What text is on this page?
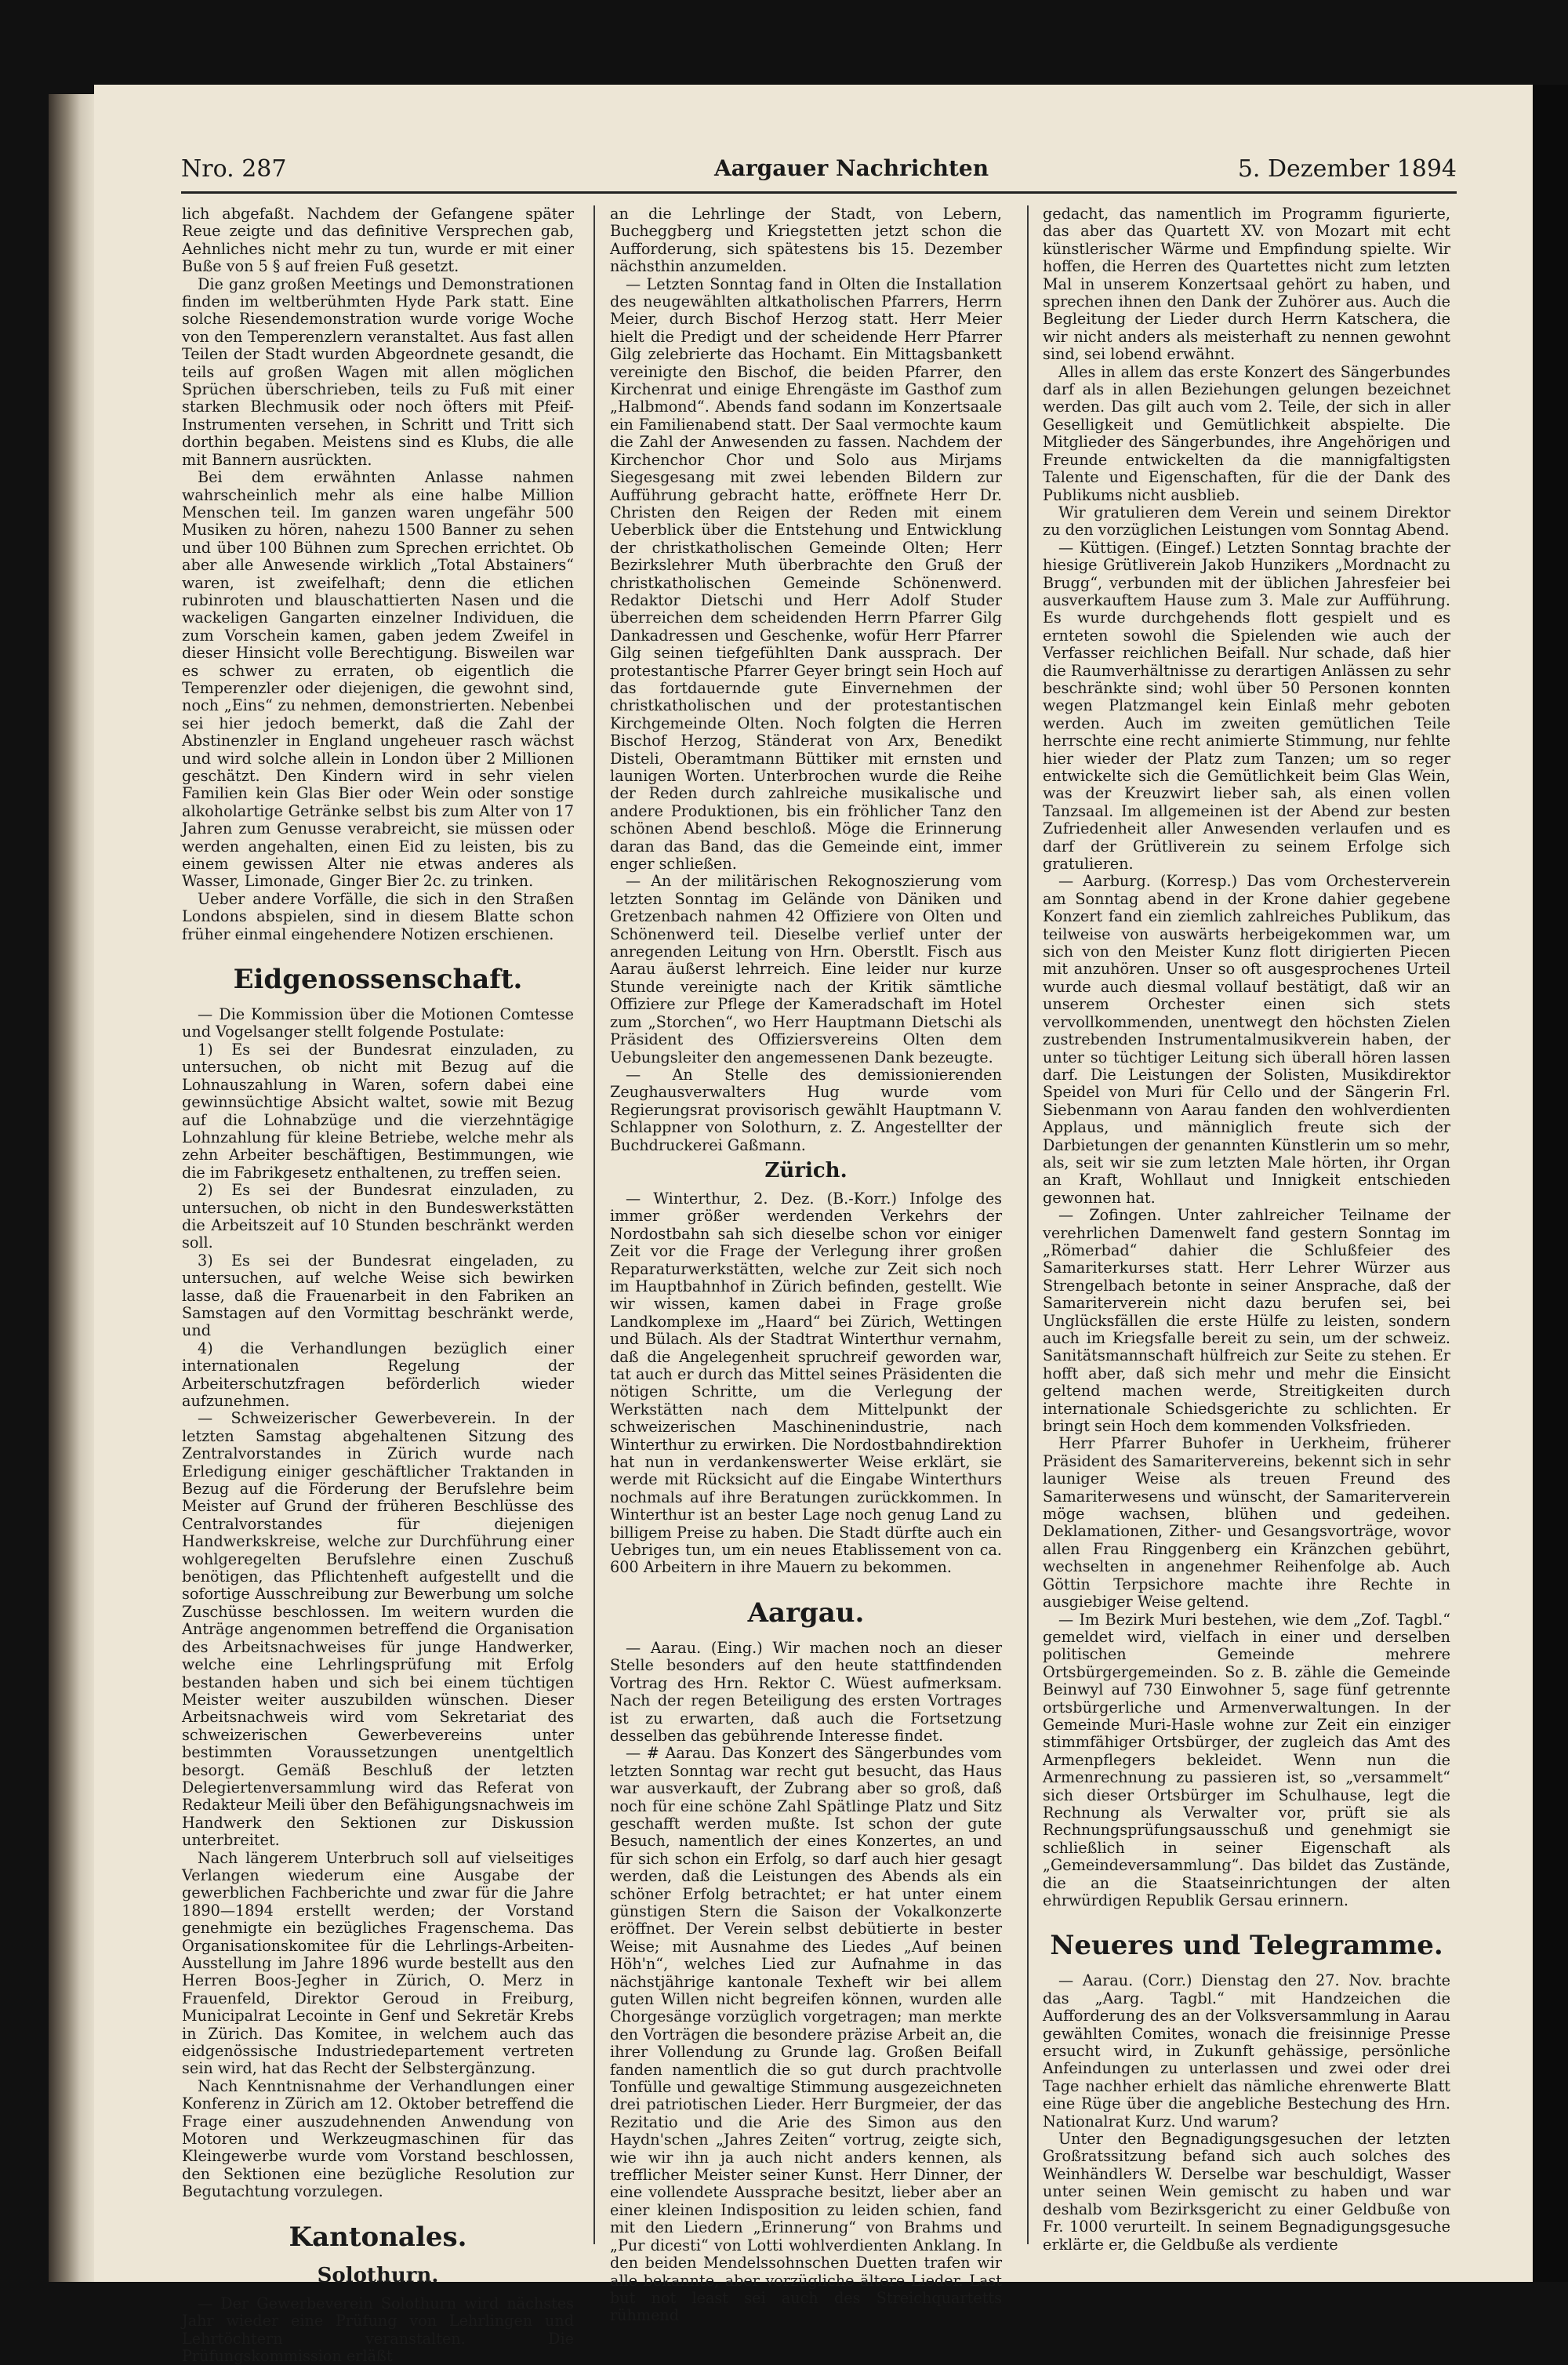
Nro. 287	Aargauer Nachrichten	5. Dezember 1894

lich abgefaßt. Nachdem der Gefangene später Reue zeigte und das definitive Versprechen gab, Aehnliches nicht mehr zu tun, wurde er mit einer Buße von 5 § auf freien Fuß gesetzt.

Die ganz großen Meetings und Demonstrationen finden im weltberühmten Hyde Park statt. Eine solche Riesendemonstration wurde vorige Woche von den Temperenzlern veranstaltet. Aus fast allen Teilen der Stadt wurden Abgeordnete gesandt, die teils auf großen Wagen mit allen möglichen Sprüchen überschrieben, teils zu Fuß mit einer starken Blechmusik oder noch öfters mit Pfeif-Instrumenten versehen, in Schritt und Tritt sich dorthin begaben. Meistens sind es Klubs, die alle mit Bannern ausrückten.

Bei dem erwähnten Anlasse nahmen wahrscheinlich mehr als eine halbe Million Menschen teil. Im ganzen waren ungefähr 500 Musiken zu hören, nahezu 1500 Banner zu sehen und über 100 Bühnen zum Sprechen errichtet. Ob aber alle Anwesende wirklich „Total Abstainers“ waren, ist zweifelhaft; denn die etlichen rubinroten und blauschattierten Nasen und die wackeligen Gangarten einzelner Individuen, die zum Vorschein kamen, gaben jedem Zweifel in dieser Hinsicht volle Berechtigung. Bisweilen war es schwer zu erraten, ob eigentlich die Temperenzler oder diejenigen, die gewohnt sind, noch „Eins“ zu nehmen, demonstrierten. Nebenbei sei hier jedoch bemerkt, daß die Zahl der Abstinenzler in England ungeheuer rasch wächst und wird solche allein in London über 2 Millionen geschätzt. Den Kindern wird in sehr vielen Familien kein Glas Bier oder Wein oder sonstige alkoholartige Getränke selbst bis zum Alter von 17 Jahren zum Genusse verabreicht, sie müssen oder werden angehalten, einen Eid zu leisten, bis zu einem gewissen Alter nie etwas anderes als Wasser, Limonade, Ginger Bier 2c. zu trinken.

Ueber andere Vorfälle, die sich in den Straßen Londons abspielen, sind in diesem Blatte schon früher einmal eingehendere Notizen erschienen.

Eidgenossenschaft.

— Die Kommission über die Motionen Comtesse und Vogelsanger stellt folgende Postulate:

1) Es sei der Bundesrat einzuladen, zu untersuchen, ob nicht mit Bezug auf die Lohnauszahlung in Waren, sofern dabei eine gewinnsüchtige Absicht waltet, sowie mit Bezug auf die Lohnabzüge und die vierzehntägige Lohnzahlung für kleine Betriebe, welche mehr als zehn Arbeiter beschäftigen, Bestimmungen, wie die im Fabrikgesetz enthaltenen, zu treffen seien.

2) Es sei der Bundesrat einzuladen, zu untersuchen, ob nicht in den Bundeswerkstätten die Arbeitszeit auf 10 Stunden beschränkt werden soll.

3) Es sei der Bundesrat eingeladen, zu untersuchen, auf welche Weise sich bewirken lasse, daß die Frauenarbeit in den Fabriken an Samstagen auf den Vormittag beschränkt werde, und

4) die Verhandlungen bezüglich einer internationalen Regelung der Arbeiterschutzfragen beförderlich wieder aufzunehmen.

— Schweizerischer Gewerbeverein. In der letzten Samstag abgehaltenen Sitzung des Zentralvorstandes in Zürich wurde nach Erledigung einiger geschäftlicher Traktanden in Bezug auf die Förderung der Berufslehre beim Meister auf Grund der früheren Beschlüsse des Centralvorstandes für diejenigen Handwerkskreise, welche zur Durchführung einer wohlgeregelten Berufslehre einen Zuschuß benötigen, das Pflichtenheft aufgestellt und die sofortige Ausschreibung zur Bewerbung um solche Zuschüsse beschlossen. Im weitern wurden die Anträge angenommen betreffend die Organisation des Arbeitsnachweises für junge Handwerker, welche eine Lehrlingsprüfung mit Erfolg bestanden haben und sich bei einem tüchtigen Meister weiter auszubilden wünschen. Dieser Arbeitsnachweis wird vom Sekretariat des schweizerischen Gewerbevereins unter bestimmten Voraussetzungen unentgeltlich besorgt. Gemäß Beschluß der letzten Delegiertenversammlung wird das Referat von Redakteur Meili über den Befähigungsnachweis im Handwerk den Sektionen zur Diskussion unterbreitet.

Nach längerem Unterbruch soll auf vielseitiges Verlangen wiederum eine Ausgabe der gewerblichen Fachberichte und zwar für die Jahre 1890—1894 erstellt werden; der Vorstand genehmigte ein bezügliches Fragenschema. Das Organisationskomitee für die Lehrlings-Arbeiten-Ausstellung im Jahre 1896 wurde bestellt aus den Herren Boos-Jegher in Zürich, O. Merz in Frauenfeld, Direktor Geroud in Freiburg, Municipalrat Lecointe in Genf und Sekretär Krebs in Zürich. Das Komitee, in welchem auch das eidgenössische Industriedepartement vertreten sein wird, hat das Recht der Selbstergänzung.

Nach Kenntnisnahme der Verhandlungen einer Konferenz in Zürich am 12. Oktober betreffend die Frage einer auszudehnenden Anwendung von Motoren und Werkzeugmaschinen für das Kleingewerbe wurde vom Vorstand beschlossen, den Sektionen eine bezügliche Resolution zur Begutachtung vorzulegen.

Kantonales.
Solothurn.

— Der Gewerbeverein Solothurn wird nächstes Jahr wieder eine Prüfung von Lehrlingen und Lehrtöchtern veranstalten. Die Prüfungskommission erläßt

an die Lehrlinge der Stadt, von Lebern, Bucheggberg und Kriegstetten jetzt schon die Aufforderung, sich spätestens bis 15. Dezember nächsthin anzumelden.

— Letzten Sonntag fand in Olten die Installation des neugewählten altkatholischen Pfarrers, Herrn Meier, durch Bischof Herzog statt. Herr Meier hielt die Predigt und der scheidende Herr Pfarrer Gilg zelebrierte das Hochamt. Ein Mittagsbankett vereinigte den Bischof, die beiden Pfarrer, den Kirchenrat und einige Ehrengäste im Gasthof zum „Halbmond“. Abends fand sodann im Konzertsaale ein Familienabend statt. Der Saal vermochte kaum die Zahl der Anwesenden zu fassen. Nachdem der Kirchenchor Chor und Solo aus Mirjams Siegesgesang mit zwei lebenden Bildern zur Aufführung gebracht hatte, eröffnete Herr Dr. Christen den Reigen der Reden mit einem Ueberblick über die Entstehung und Entwicklung der christkatholischen Gemeinde Olten; Herr Bezirkslehrer Muth überbrachte den Gruß der christkatholischen Gemeinde Schönenwerd. Redaktor Dietschi und Herr Adolf Studer überreichen dem scheidenden Herrn Pfarrer Gilg Dankadressen und Geschenke, wofür Herr Pfarrer Gilg seinen tiefgefühlten Dank aussprach. Der protestantische Pfarrer Geyer bringt sein Hoch auf das fortdauernde gute Einvernehmen der christkatholischen und der protestantischen Kirchgemeinde Olten. Noch folgten die Herren Bischof Herzog, Ständerat von Arx, Benedikt Disteli, Oberamtmann Büttiker mit ernsten und launigen Worten. Unterbrochen wurde die Reihe der Reden durch zahlreiche musikalische und andere Produktionen, bis ein fröhlicher Tanz den schönen Abend beschloß. Möge die Erinnerung daran das Band, das die Gemeinde eint, immer enger schließen.

— An der militärischen Rekognoszierung vom letzten Sonntag im Gelände von Däniken und Gretzenbach nahmen 42 Offiziere von Olten und Schönenwerd teil. Dieselbe verlief unter der anregenden Leitung von Hrn. Oberstlt. Fisch aus Aarau äußerst lehrreich. Eine leider nur kurze Stunde vereinigte nach der Kritik sämtliche Offiziere zur Pflege der Kameradschaft im Hotel zum „Storchen“, wo Herr Hauptmann Dietschi als Präsident des Offiziersvereins Olten dem Uebungsleiter den angemessenen Dank bezeugte.

— An Stelle des demissionierenden Zeughausverwalters Hug wurde vom Regierungsrat provisorisch gewählt Hauptmann V. Schlappner von Solothurn, z. Z. Angestellter der Buchdruckerei Gaßmann.

Zürich.

— Winterthur, 2. Dez. (B.-Korr.) Infolge des immer größer werdenden Verkehrs der Nordostbahn sah sich dieselbe schon vor einiger Zeit vor die Frage der Verlegung ihrer großen Reparaturwerkstätten, welche zur Zeit sich noch im Hauptbahnhof in Zürich befinden, gestellt. Wie wir wissen, kamen dabei in Frage große Landkomplexe im „Haard“ bei Zürich, Wettingen und Bülach. Als der Stadtrat Winterthur vernahm, daß die Angelegenheit spruchreif geworden war, tat auch er durch das Mittel seines Präsidenten die nötigen Schritte, um die Verlegung der Werkstätten nach dem Mittelpunkt der schweizerischen Maschinenindustrie, nach Winterthur zu erwirken. Die Nordostbahndirektion hat nun in verdankenswerter Weise erklärt, sie werde mit Rücksicht auf die Eingabe Winterthurs nochmals auf ihre Beratungen zurückkommen. In Winterthur ist an bester Lage noch genug Land zu billigem Preise zu haben. Die Stadt dürfte auch ein Uebriges tun, um ein neues Etablissement von ca. 600 Arbeitern in ihre Mauern zu bekommen.

Aargau.

— Aarau. (Eing.) Wir machen noch an dieser Stelle besonders auf den heute stattfindenden Vortrag des Hrn. Rektor C. Wüest aufmerksam. Nach der regen Beteiligung des ersten Vortrages ist zu erwarten, daß auch die Fortsetzung desselben das gebührende Interesse findet.

— # Aarau. Das Konzert des Sängerbundes vom letzten Sonntag war recht gut besucht, das Haus war ausverkauft, der Zubrang aber so groß, daß noch für eine schöne Zahl Spätlinge Platz und Sitz geschafft werden mußte. Ist schon der gute Besuch, namentlich der eines Konzertes, an und für sich schon ein Erfolg, so darf auch hier gesagt werden, daß die Leistungen des Abends als ein schöner Erfolg betrachtet; er hat unter einem günstigen Stern die Saison der Vokalkonzerte eröffnet. Der Verein selbst debütierte in bester Weise; mit Ausnahme des Liedes „Auf beinen Höh'n“, welches Lied zur Aufnahme in das nächstjährige kantonale Texheft wir bei allem guten Willen nicht begreifen können, wurden alle Chorgesänge vorzüglich vorgetragen; man merkte den Vorträgen die besondere präzise Arbeit an, die ihrer Vollendung zu Grunde lag. Großen Beifall fanden namentlich die so gut durch prachtvolle Tonfülle und gewaltige Stimmung ausgezeichneten drei patriotischen Lieder. Herr Burgmeier, der das Rezitatio und die Arie des Simon aus den Haydn'schen „Jahres Zeiten“ vortrug, zeigte sich, wie wir ihn ja auch nicht anders kennen, als trefflicher Meister seiner Kunst. Herr Dinner, der eine vollendete Aussprache besitzt, lieber aber an einer kleinen Indisposition zu leiden schien, fand mit den Liedern „Erinnerung“ von Brahms und „Pur dicesti“ von Lotti wohlverdienten Anklang. In den beiden Mendelssohnschen Duetten trafen wir alle bekannte, aber vorzügliche ältere Lieder. Last but not least sei auch des Streichquartetts rühmend

gedacht, das namentlich im Programm figurierte, das aber das Quartett XV. von Mozart mit echt künstlerischer Wärme und Empfindung spielte. Wir hoffen, die Herren des Quartettes nicht zum letzten Mal in unserem Konzertsaal gehört zu haben, und sprechen ihnen den Dank der Zuhörer aus. Auch die Begleitung der Lieder durch Herrn Katschera, die wir nicht anders als meisterhaft zu nennen gewohnt sind, sei lobend erwähnt.

Alles in allem das erste Konzert des Sängerbundes darf als in allen Beziehungen gelungen bezeichnet werden. Das gilt auch vom 2. Teile, der sich in aller Geselligkeit und Gemütlichkeit abspielte. Die Mitglieder des Sängerbundes, ihre Angehörigen und Freunde entwickelten da die mannigfaltigsten Talente und Eigenschaften, für die der Dank des Publikums nicht ausblieb.

Wir gratulieren dem Verein und seinem Direktor zu den vorzüglichen Leistungen vom Sonntag Abend.

— Küttigen. (Eingef.) Letzten Sonntag brachte der hiesige Grütliverein Jakob Hunzikers „Mordnacht zu Brugg“, verbunden mit der üblichen Jahresfeier bei ausverkauftem Hause zum 3. Male zur Aufführung. Es wurde durchgehends flott gespielt und es ernteten sowohl die Spielenden wie auch der Verfasser reichlichen Beifall. Nur schade, daß hier die Raumverhältnisse zu derartigen Anlässen zu sehr beschränkte sind; wohl über 50 Personen konnten wegen Platzmangel kein Einlaß mehr geboten werden. Auch im zweiten gemütlichen Teile herrschte eine recht animierte Stimmung, nur fehlte hier wieder der Platz zum Tanzen; um so reger entwickelte sich die Gemütlichkeit beim Glas Wein, was der Kreuzwirt lieber sah, als einen vollen Tanzsaal. Im allgemeinen ist der Abend zur besten Zufriedenheit aller Anwesenden verlaufen und es darf der Grütliverein zu seinem Erfolge sich gratulieren.

— Aarburg. (Korresp.) Das vom Orchesterverein am Sonntag abend in der Krone dahier gegebene Konzert fand ein ziemlich zahlreiches Publikum, das teilweise von auswärts herbeigekommen war, um sich von den Meister Kunz flott dirigierten Piecen mit anzuhören. Unser so oft ausgesprochenes Urteil wurde auch diesmal vollauf bestätigt, daß wir an unserem Orchester einen sich stets vervollkommenden, unentwegt den höchsten Zielen zustrebenden Instrumentalmusikverein haben, der unter so tüchtiger Leitung sich überall hören lassen darf. Die Leistungen der Solisten, Musikdirektor Speidel von Muri für Cello und der Sängerin Frl. Siebenmann von Aarau fanden den wohlverdienten Applaus, und männiglich freute sich der Darbietungen der genannten Künstlerin um so mehr, als, seit wir sie zum letzten Male hörten, ihr Organ an Kraft, Wohllaut und Innigkeit entschieden gewonnen hat.

— Zofingen. Unter zahlreicher Teilname der verehrlichen Damenwelt fand gestern Sonntag im „Römerbad“ dahier die Schlußfeier des Samariterkurses statt. Herr Lehrer Würzer aus Strengelbach betonte in seiner Ansprache, daß der Samariterverein nicht dazu berufen sei, bei Unglücksfällen die erste Hülfe zu leisten, sondern auch im Kriegsfalle bereit zu sein, um der schweiz. Sanitätsmannschaft hülfreich zur Seite zu stehen. Er hofft aber, daß sich mehr und mehr die Einsicht geltend machen werde, Streitigkeiten durch internationale Schiedsgerichte zu schlichten. Er bringt sein Hoch dem kommenden Volksfrieden.

Herr Pfarrer Buhofer in Uerkheim, früherer Präsident des Samaritervereins, bekennt sich in sehr launiger Weise als treuen Freund des Samariterwesens und wünscht, der Samariterverein möge wachsen, blühen und gedeihen. Deklamationen, Zither- und Gesangsvorträge, wovor allen Frau Ringgenberg ein Kränzchen gebührt, wechselten in angenehmer Reihenfolge ab. Auch Göttin Terpsichore machte ihre Rechte in ausgiebiger Weise geltend.

— Im Bezirk Muri bestehen, wie dem „Zof. Tagbl.“ gemeldet wird, vielfach in einer und derselben politischen Gemeinde mehrere Ortsbürgergemeinden. So z. B. zähle die Gemeinde Beinwyl auf 730 Einwohner 5, sage fünf getrennte ortsbürgerliche und Armenverwaltungen. In der Gemeinde Muri-Hasle wohne zur Zeit ein einziger stimmfähiger Ortsbürger, der zugleich das Amt des Armenpflegers bekleidet. Wenn nun die Armenrechnung zu passieren ist, so „versammelt“ sich dieser Ortsbürger im Schulhause, legt die Rechnung als Verwalter vor, prüft sie als Rechnungsprüfungsausschuß und genehmigt sie schließlich in seiner Eigenschaft als „Gemeindeversammlung“. Das bildet das Zustände, die an die Staatseinrichtungen der alten ehrwürdigen Republik Gersau erinnern.

Neueres und Telegramme.

— Aarau. (Corr.) Dienstag den 27. Nov. brachte das „Aarg. Tagbl.“ mit Handzeichen die Aufforderung des an der Volksversammlung in Aarau gewählten Comites, wonach die freisinnige Presse ersucht wird, in Zukunft gehässige, persönliche Anfeindungen zu unterlassen und zwei oder drei Tage nachher erhielt das nämliche ehrenwerte Blatt eine Rüge über die angebliche Bestechung des Hrn. Nationalrat Kurz. Und warum?

Unter den Begnadigungsgesuchen der letzten Großratssitzung befand sich auch solches des Weinhändlers W. Derselbe war beschuldigt, Wasser unter seinen Wein gemischt zu haben und war deshalb vom Bezirksgericht zu einer Geldbuße von Fr. 1000 verurteilt. In seinem Begnadigungsgesuche erklärte er, die Geldbuße als verdiente
